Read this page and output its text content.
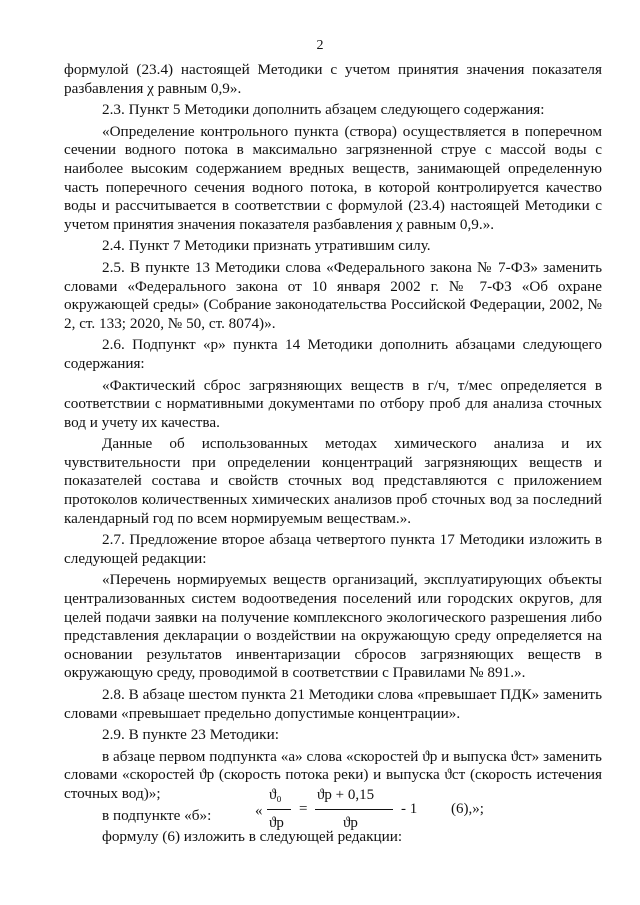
2

формулой (23.4) настоящей Методики с учетом принятия значения показателя разбавления χ равным 0,9».

2.3. Пункт 5 Методики дополнить абзацем следующего содержания:

«Определение контрольного пункта (створа) осуществляется в поперечном сечении водного потока в максимально загрязненной струе с массой воды с наиболее высоким содержанием вредных веществ, занимающей определенную часть поперечного сечения водного потока, в которой контролируется качество воды и рассчитывается в соответствии с формулой (23.4) настоящей Методики с учетом принятия значения показателя разбавления χ равным 0,9.».

2.4. Пункт 7 Методики признать утратившим силу.

2.5. В пункте 13 Методики слова «Федерального закона № 7-ФЗ» заменить словами «Федерального закона от 10 января 2002 г. № 7-ФЗ «Об охране окружающей среды» (Собрание законодательства Российской Федерации, 2002, № 2, ст. 133; 2020, № 50, ст. 8074)».

2.6. Подпункт «р» пункта 14 Методики дополнить абзацами следующего содержания:

«Фактический сброс загрязняющих веществ в г/ч, т/мес определяется в соответствии с нормативными документами по отбору проб для анализа сточных вод и учету их качества.

Данные об использованных методах химического анализа и их чувствительности при определении концентраций загрязняющих веществ и показателей состава и свойств сточных вод представляются с приложением протоколов количественных химических анализов проб сточных вод за последний календарный год по всем нормируемым веществам.».

2.7. Предложение второе абзаца четвертого пункта 17 Методики изложить в следующей редакции:

«Перечень нормируемых веществ организаций, эксплуатирующих объекты централизованных систем водоотведения поселений или городских округов, для целей подачи заявки на получение комплексного экологического разрешения либо представления декларации о воздействии на окружающую среду определяется на основании результатов инвентаризации сбросов загрязняющих веществ в окружающую среду, проводимой в соответствии с Правилами № 891.».

2.8. В абзаце шестом пункта 21 Методики слова «превышает ПДК» заменить словами «превышает предельно допустимые концентрации».

2.9. В пункте 23 Методики:

в абзаце первом подпункта «а» слова «скоростей ϑр и выпуска ϑст» заменить словами «скоростей ϑр (скорость потока реки) и выпуска ϑст (скорость истечения сточных вод)»;

в подпункте «б»:

формулу (6) изложить в следующей редакции:

«
ϑ₀
ϑр
=
ϑр + 0,15
ϑр
- 1 (6),»;
